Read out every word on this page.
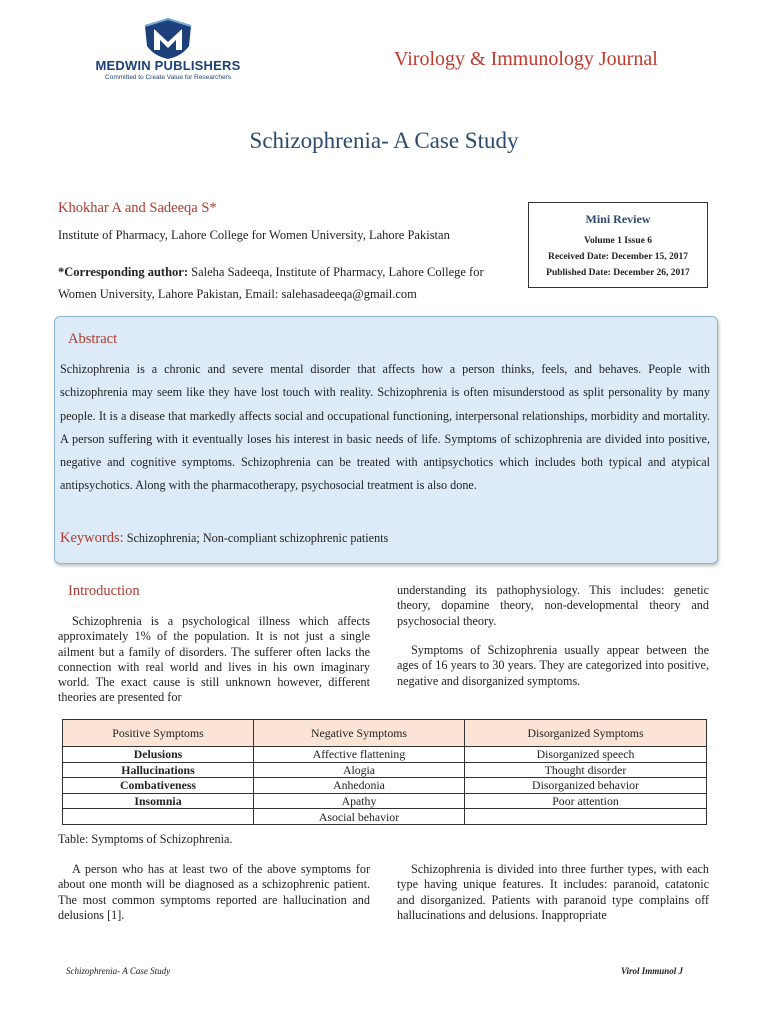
MEDWIN PUBLISHERS
Committed to Create Value for Researchers
Virology & Immunology Journal
Schizophrenia- A Case Study
Khokhar A and Sadeeqa S*
Institute of Pharmacy, Lahore College for Women University, Lahore Pakistan
*Corresponding author: Saleha Sadeeqa, Institute of Pharmacy, Lahore College for Women University, Lahore Pakistan, Email: salehasadeeqa@gmail.com
Mini Review
Volume 1 Issue 6
Received Date: December 15, 2017
Published Date: December 26, 2017
Abstract
Schizophrenia is a chronic and severe mental disorder that affects how a person thinks, feels, and behaves. People with schizophrenia may seem like they have lost touch with reality. Schizophrenia is often misunderstood as split personality by many people. It is a disease that markedly affects social and occupational functioning, interpersonal relationships, morbidity and mortality. A person suffering with it eventually loses his interest in basic needs of life. Symptoms of schizophrenia are divided into positive, negative and cognitive symptoms. Schizophrenia can be treated with antipsychotics which includes both typical and atypical antipsychotics. Along with the pharmacotherapy, psychosocial treatment is also done.
Keywords: Schizophrenia; Non-compliant schizophrenic patients
Introduction
Schizophrenia is a psychological illness which affects approximately 1% of the population. It is not just a single ailment but a family of disorders. The sufferer often lacks the connection with real world and lives in his own imaginary world. The exact cause is still unknown however, different theories are presented for
understanding its pathophysiology. This includes: genetic theory, dopamine theory, non-developmental theory and psychosocial theory.
Symptoms of Schizophrenia usually appear between the ages of 16 years to 30 years. They are categorized into positive, negative and disorganized symptoms.
Positive Symptoms	Negative Symptoms	Disorganized Symptoms
Delusions	Affective flattening	Disorganized speech
Hallucinations	Alogia	Thought disorder
Combativeness	Anhedonia	Disorganized behavior
Insomnia	Apathy	Poor attention
	Asocial behavior	
Table: Symptoms of Schizophrenia.
A person who has at least two of the above symptoms for about one month will be diagnosed as a schizophrenic patient. The most common symptoms reported are hallucination and delusions [1].
Schizophrenia is divided into three further types, with each type having unique features. It includes: paranoid, catatonic and disorganized. Patients with paranoid type complains off hallucinations and delusions. Inappropriate
Schizophrenia- A Case Study	Virol Immunol J
